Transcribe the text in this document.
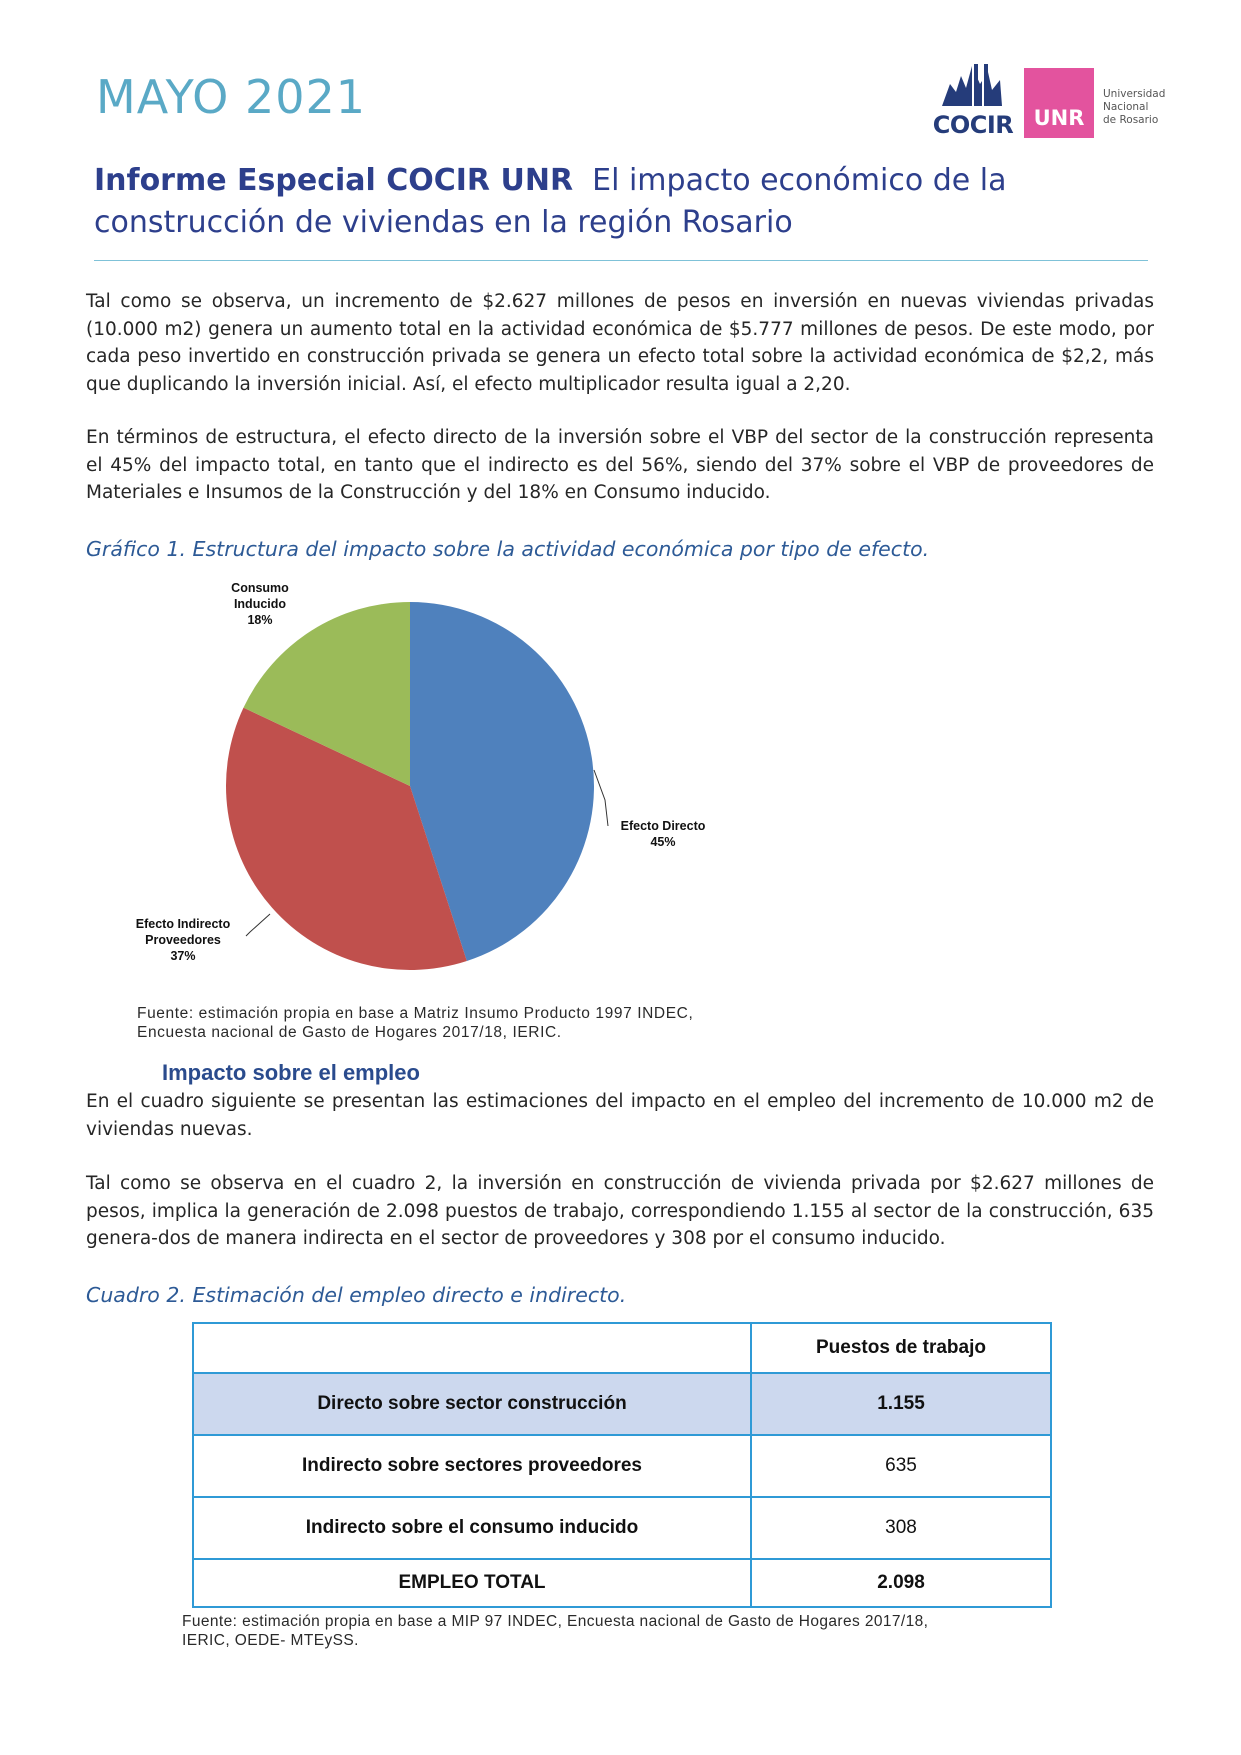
MAYO 2021
COCIR UNR
Universidad
Nacional
de Rosario
Informe Especial COCIR UNR El impacto económico de la construcción de viviendas en la región Rosario

Tal como se observa, un incremento de $2.627 millones de pesos en inversión en nuevas viviendas privadas (10.000 m2) genera un aumento total en la actividad económica de $5.777 millones de pesos. De este modo, por cada peso invertido en construcción privada se genera un efecto total sobre la actividad económica de $2,2, más que duplicando la inversión inicial. Así, el efecto multiplicador resulta igual a 2,20.

En términos de estructura, el efecto directo de la inversión sobre el VBP del sector de la construcción representa el 45% del impacto total, en tanto que el indirecto es del 56%, siendo del 37% sobre el VBP de proveedores de Materiales e Insumos de la Construcción y del 18% en Consumo inducido.

Gráfico 1. Estructura del impacto sobre la actividad económica por tipo de efecto.

Efecto Directo
45%
Efecto Indirecto
Proveedores
37%
Consumo
Inducido
18%
Fuente: estimación propia en base a Matriz Insumo Producto 1997 INDEC,
Encuesta nacional de Gasto de Hogares 2017/18, IERIC.
Impacto sobre el empleo

En el cuadro siguiente se presentan las estimaciones del impacto en el empleo del incremento de 10.000 m2 de viviendas nuevas.

Tal como se observa en el cuadro 2, la inversión en construcción de vivienda privada por $2.627 millones de pesos, implica la generación de 2.098 puestos de trabajo, correspondiendo 1.155 al sector de la construcción, 635 genera-dos de manera indirecta en el sector de proveedores y 308 por el consumo inducido.

Cuadro 2. Estimación del empleo directo e indirecto.

	Puestos de trabajo
Directo sobre sector construcción	1.155
Indirecto sobre sectores proveedores	635
Indirecto sobre el consumo inducido	308
EMPLEO TOTAL	2.098
Fuente: estimación propia en base a MIP 97 INDEC, Encuesta nacional de Gasto de Hogares 2017/18,
IERIC, OEDE- MTEySS.
